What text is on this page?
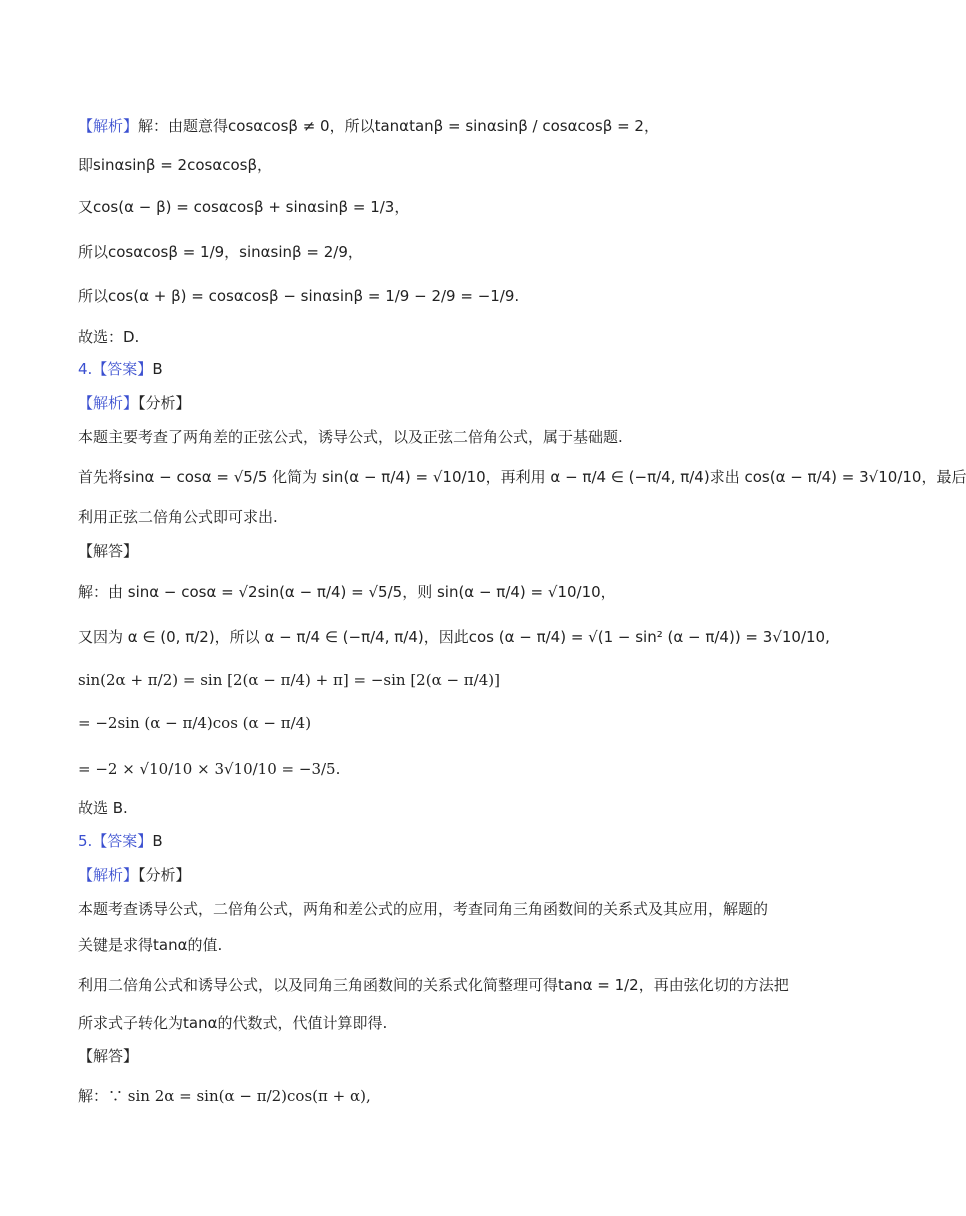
【解析】解：由题意得cosαcosβ ≠ 0，所以tanαtanβ = sinαsinβ / cosαcosβ = 2，
即sinαsinβ = 2cosαcosβ，
又cos(α − β) = cosαcosβ + sinαsinβ = 1/3，
所以cosαcosβ = 1/9，sinαsinβ = 2/9，
所以cos(α + β) = cosαcosβ − sinαsinβ = 1/9 − 2/9 = −1/9.
故选：D.
4.【答案】B
【解析】【分析】
本题主要考查了两角差的正弦公式，诱导公式，以及正弦二倍角公式，属于基础题.
首先将sinα − cosα = √5/5 化简为 sin(α − π/4) = √10/10，再利用 α − π/4 ∈ (−π/4, π/4)求出 cos(α − π/4) = 3√10/10，最后
利用正弦二倍角公式即可求出.
【解答】
解：由 sinα − cosα = √2sin(α − π/4) = √5/5，则 sin(α − π/4) = √10/10，
又因为 α ∈ (0, π/2)，所以 α − π/4 ∈ (−π/4, π/4)，因此cos (α − π/4) = √(1 − sin² (α − π/4)) = 3√10/10,
sin(2α + π/2) = sin [2(α − π/4) + π] = −sin [2(α − π/4)]
= −2sin (α − π/4)cos (α − π/4)
= −2 × √10/10 × 3√10/10 = −3/5.
故选 B.
5.【答案】B
【解析】【分析】
本题考查诱导公式，二倍角公式，两角和差公式的应用，考查同角三角函数间的关系式及其应用，解题的
关键是求得tanα的值.
利用二倍角公式和诱导公式，以及同角三角函数间的关系式化简整理可得tanα = 1/2，再由弦化切的方法把
所求式子转化为tanα的代数式，代值计算即得.
【解答】
解：∵ sin 2α = sin(α − π/2)cos(π + α),
